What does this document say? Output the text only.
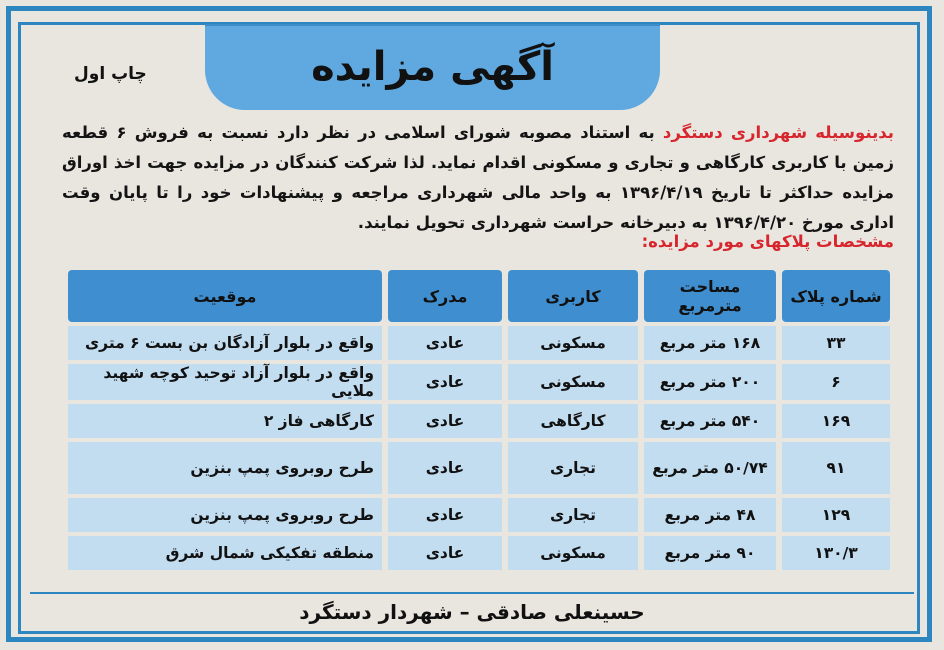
آگهی مزایده
چاپ اول
بدینوسیله شهرداری دستگرد به استناد مصوبه شورای اسلامی در نظر دارد نسبت به فروش ۶ قطعه زمین با کاربری کارگاهی و تجاری و مسکونی اقدام نماید. لذا شرکت کنندگان در مزایده جهت اخذ اوراق مزایده حداکثر تا تاریخ ۱۳۹۶/۴/۱۹ به واحد مالی شهرداری مراجعه و پیشنهادات خود را تا پایان وقت اداری مورخ ۱۳۹۶/۴/۲۰ به دبیرخانه حراست شهرداری تحویل نمایند.
مشخصات پلاکهای مورد مزایده:
شماره پلاک	مساحت مترمربع	کاربری	مدرک	موقعیت
۳۳	۱۶۸ متر مربع	مسکونی	عادی	واقع در بلوار آزادگان بن بست ۶ متری
۶	۲۰۰ متر مربع	مسکونی	عادی	واقع در بلوار آزاد توحید کوچه شهید ملایی
۱۶۹	۵۴۰ متر مربع	کارگاهی	عادی	کارگاهی فاز ۲
۹۱	۵۰/۷۴ متر مربع	تجاری	عادی	طرح روبروی پمپ بنزین
۱۲۹	۴۸ متر مربع	تجاری	عادی	طرح روبروی پمپ بنزین
۱۳۰/۳	۹۰ متر مربع	مسکونی	عادی	منطقه تفکیکی شمال شرق
حسینعلی صادقی – شهردار دستگرد
